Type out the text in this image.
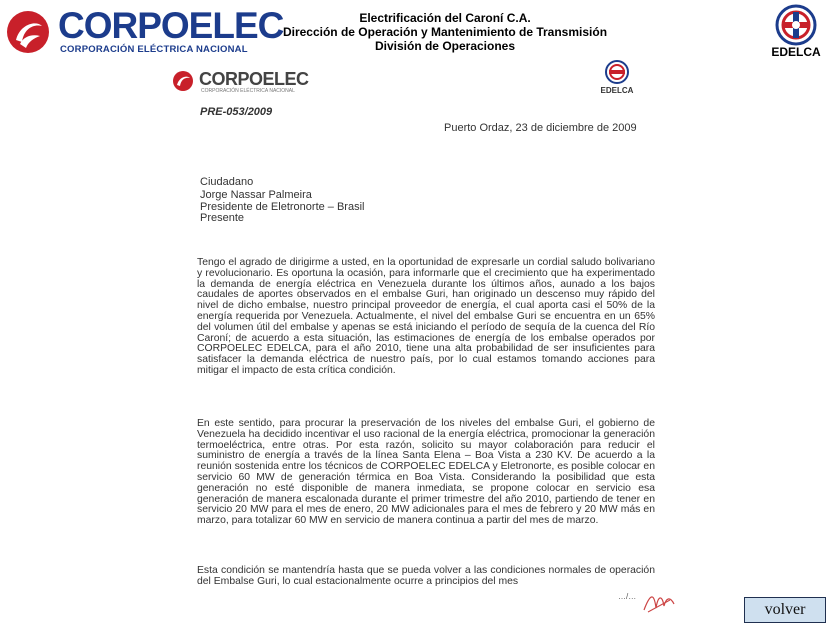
CORPOELEC
CORPORACIÓN ELÉCTRICA NACIONAL
Electrificación del Caroní C.A.
Dirección de Operación y Mantenimiento de Transmisión
División de Operaciones	EDELCA
CORPOELEC
CORPORACIÓN ELÉCTRICA NACIONAL	EDELCA
PRE-053/2009
Puerto Ordaz, 23 de diciembre de 2009
Ciudadano
Jorge Nassar Palmeira
Presidente de Eletronorte – Brasil
Presente

Tengo el agrado de dirigirme a usted, en la oportunidad de expresarle un cordial saludo bolivariano y revolucionario. Es oportuna la ocasión, para informarle que el crecimiento que ha experimentado la demanda de energía eléctrica en Venezuela durante los últimos años, aunado a los bajos caudales de aportes observados en el embalse Guri, han originado un descenso muy rápido del nivel de dicho embalse, nuestro principal proveedor de energía, el cual aporta casi el 50% de la energía requerida por Venezuela. Actualmente, el nivel del embalse Guri se encuentra en un 65% del volumen útil del embalse y apenas se está iniciando el período de sequía de la cuenca del Río Caroní; de acuerdo a esta situación, las estimaciones de energía de los embalse operados por CORPOELEC EDELCA, para el año 2010, tiene una alta probabilidad de ser insuficientes para satisfacer la demanda eléctrica de nuestro país, por lo cual estamos tomando acciones para mitigar el impacto de esta crítica condición.

En este sentido, para procurar la preservación de los niveles del embalse Guri, el gobierno de Venezuela ha decidido incentivar el uso racional de la energía eléctrica, promocionar la generación termoeléctrica, entre otras. Por esta razón, solicito su mayor colaboración para reducir el suministro de energía a través de la línea Santa Elena – Boa Vista a 230 KV. De acuerdo a la reunión sostenida entre los técnicos de CORPOELEC EDELCA y Eletronorte, es posible colocar en servicio 60 MW de generación térmica en Boa Vista. Considerando la posibilidad que esta generación no esté disponible de manera inmediata, se propone colocar en servicio esa generación de manera escalonada durante el primer trimestre del año 2010, partiendo de tener en servicio 20 MW para el mes de enero, 20 MW adicionales para el mes de febrero y 20 MW más en marzo, para totalizar 60 MW en servicio de manera continua a partir del mes de marzo.

Esta condición se mantendría hasta que se pueda volver a las condiciones normales de operación del Embalse Guri, lo cual estacionalmente ocurre a principios del mes

…/…
volver
